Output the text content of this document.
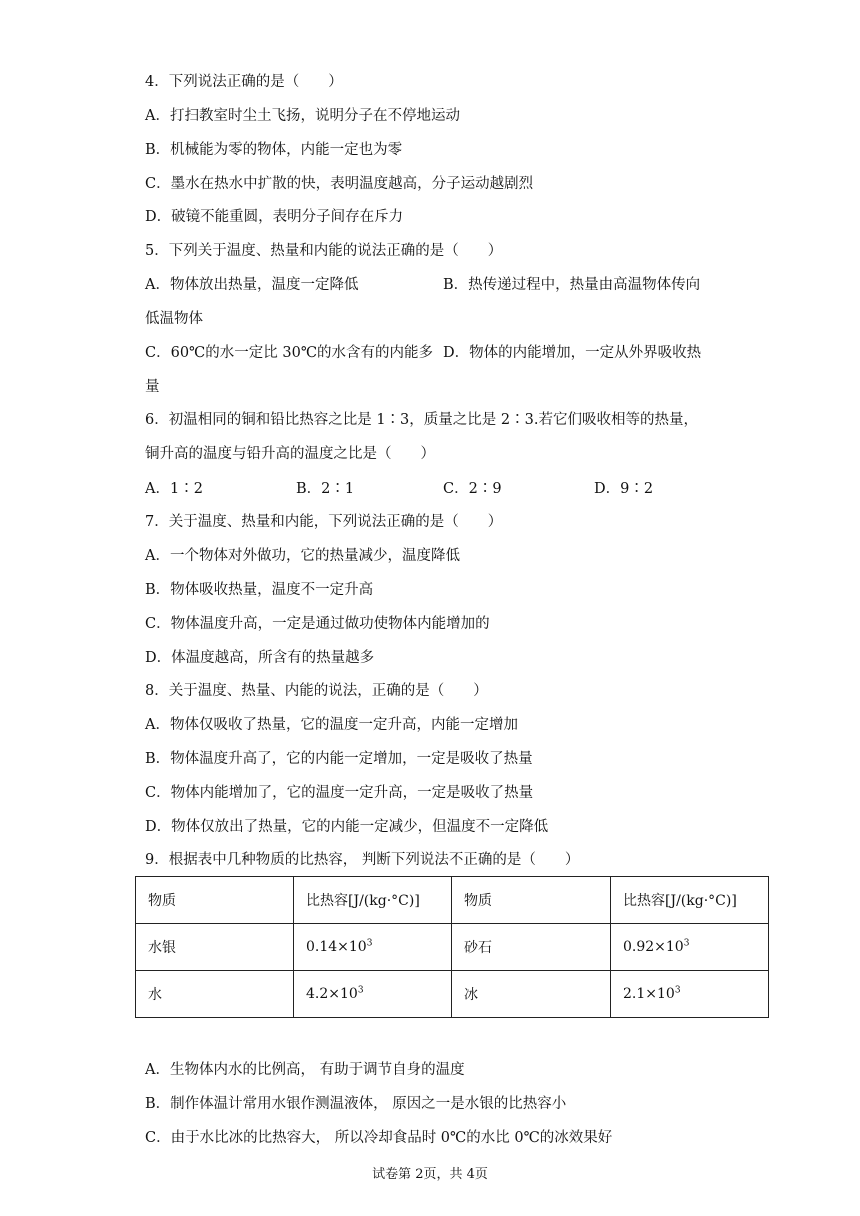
4．下列说法正确的是（　　）
A．打扫教室时尘土飞扬，说明分子在不停地运动
B．机械能为零的物体，内能一定也为零
C．墨水在热水中扩散的快，表明温度越高，分子运动越剧烈
D．破镜不能重圆，表明分子间存在斥力
5．下列关于温度、热量和内能的说法正确的是（　　）
A．物体放出热量，温度一定降低	B．热传递过程中，热量由高温物体传向
低温物体
C．60℃的水一定比 30℃的水含有的内能多 D．物体的内能增加，一定从外界吸收热
量
6．初温相同的铜和铅比热容之比是 1∶3，质量之比是 2∶3.若它们吸收相等的热量，
铜升高的温度与铅升高的温度之比是（　　）
A．1∶2	B．2∶1	C．2∶9	D．9∶2
7．关于温度、热量和内能，下列说法正确的是（　　）
A．一个物体对外做功，它的热量减少，温度降低
B．物体吸收热量，温度不一定升高
C．物体温度升高，一定是通过做功使物体内能增加的
D．体温度越高，所含有的热量越多
8．关于温度、热量、内能的说法，正确的是（　　）
A．物体仅吸收了热量，它的温度一定升高，内能一定增加
B．物体温度升高了，它的内能一定增加，一定是吸收了热量
C．物体内能增加了，它的温度一定升高，一定是吸收了热量
D．物体仅放出了热量，它的内能一定减少，但温度不一定降低
9．根据表中几种物质的比热容， 判断下列说法不正确的是（　　）
物质	比热容[J/(kg·°C)]	物质	比热容[J/(kg·°C)]
水银	$0.14\times 10^3$	砂石	$0.92\times 10^3$
水	$4.2\times 10^3$	冰	$2.1\times 10^3$
A．生物体内水的比例高， 有助于调节自身的温度
B．制作体温计常用水银作测温液体， 原因之一是水银的比热容小
C．由于水比冰的比热容大， 所以冷却食品时 0℃的水比 0℃的冰效果好
试卷第 2页，共 4页
